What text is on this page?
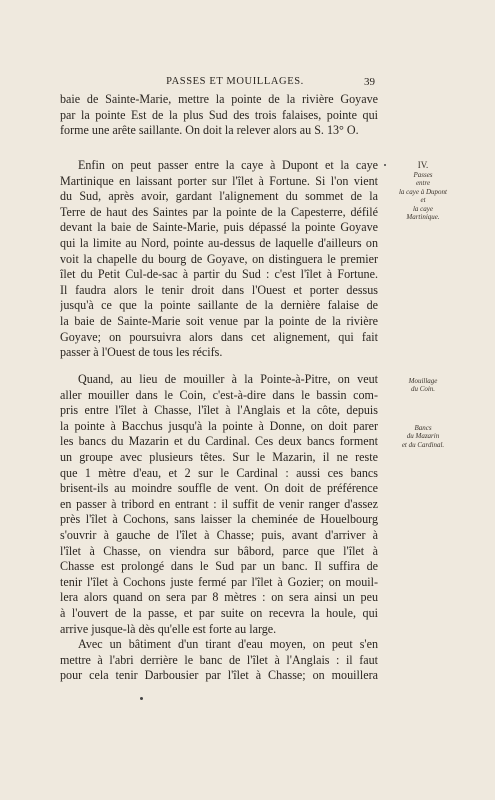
PASSES ET MOUILLAGES.	39
baie de Sainte-Marie, mettre la pointe de la rivière Goyave
par la pointe Est de la plus Sud des trois falaises, pointe qui
forme une arête saillante. On doit la relever alors au S. 13° O.
Enfin on peut passer entre la caye à Dupont et la caye
Martinique en laissant porter sur l'îlet à Fortune. Si l'on vient
du Sud, après avoir, gardant l'alignement du sommet de la
Terre de haut des Saintes par la pointe de la Capesterre, défilé
devant la baie de Sainte-Marie, puis dépassé la pointe Goyave
qui la limite au Nord, pointe au-dessus de laquelle d'ailleurs on
voit la chapelle du bourg de Goyave, on distinguera le premier
îlet du Petit Cul-de-sac à partir du Sud : c'est l'îlet à Fortune.
Il faudra alors le tenir droit dans l'Ouest et porter dessus
jusqu'à ce que la pointe saillante de la dernière falaise de
la baie de Sainte-Marie soit venue par la pointe de la rivière
Goyave; on poursuivra alors dans cet alignement, qui fait
passer à l'Ouest de tous les récifs.
Quand, au lieu de mouiller à la Pointe-à-Pitre, on veut
aller mouiller dans le Coin, c'est-à-dire dans le bassin com-
pris entre l'îlet à Chasse, l'îlet à l'Anglais et la côte, depuis
la pointe à Bacchus jusqu'à la pointe à Donne, on doit parer
les bancs du Mazarin et du Cardinal. Ces deux bancs forment
un groupe avec plusieurs têtes. Sur le Mazarin, il ne reste
que 1 mètre d'eau, et 2 sur le Cardinal : aussi ces bancs
brisent-ils au moindre souffle de vent. On doit de préférence
en passer à tribord en entrant : il suffit de venir ranger d'assez
près l'îlet à Cochons, sans laisser la cheminée de Houelbourg
s'ouvrir à gauche de l'îlet à Chasse; puis, avant d'arriver à
l'îlet à Chasse, on viendra sur bâbord, parce que l'îlet à
Chasse est prolongé dans le Sud par un banc. Il suffira de
tenir l'îlet à Cochons juste fermé par l'îlet à Gozier; on mouil-
lera alors quand on sera par 8 mètres : on sera ainsi un peu
à l'ouvert de la passe, et par suite on recevra la houle, qui
arrive jusque-là dès qu'elle est forte au large.
Avec un bâtiment d'un tirant d'eau moyen, on peut s'en
mettre à l'abri derrière le banc de l'îlet à l'Anglais : il faut
pour cela tenir Darbousier par l'îlet à Chasse; on mouillera
IV.
Passes
entre
la caye à Dupont
et
la caye
Martinique.
Mouillage
du Coin.
Bancs
du Mazarin
et du Cardinal.
